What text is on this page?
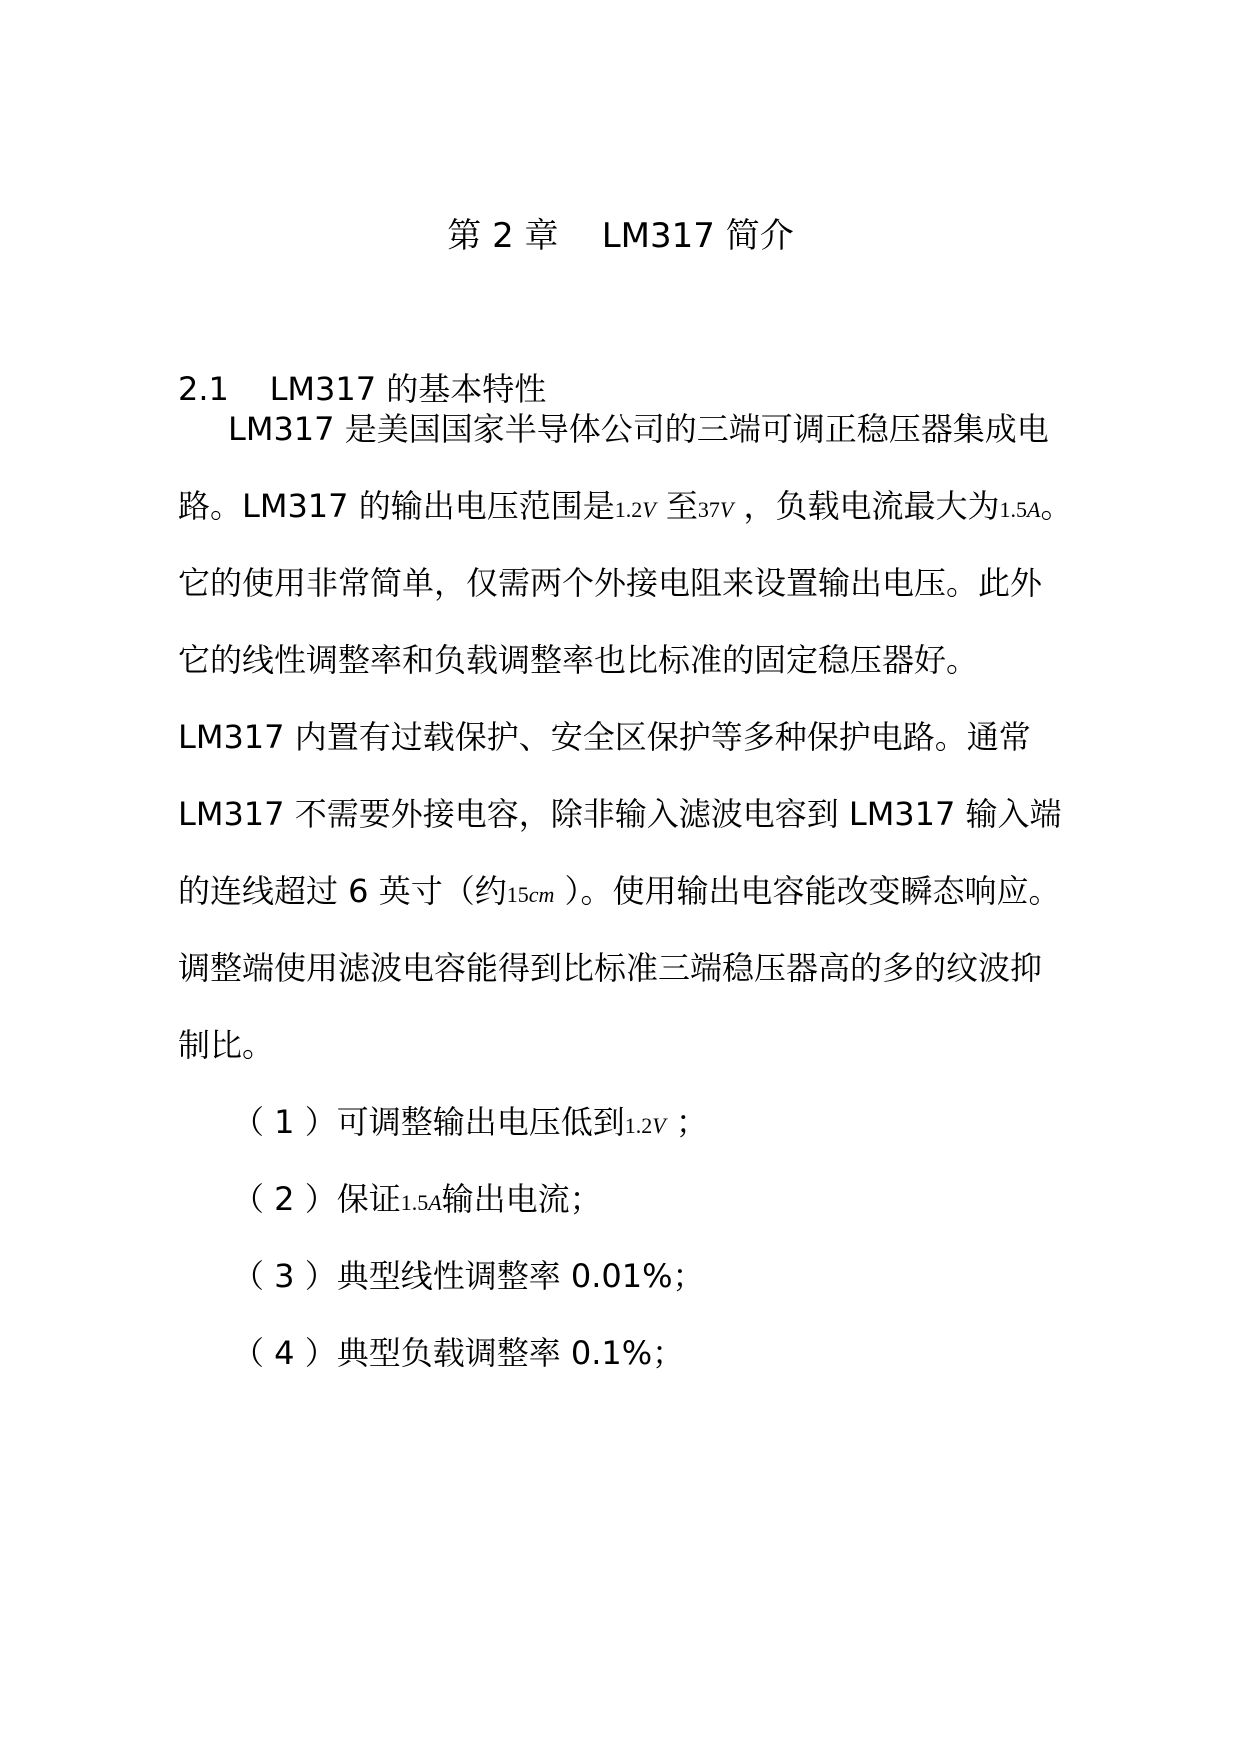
第 2 章    LM317 简介
2.1    LM317 的基本特性
LM317 是美国国家半导体公司的三端可调正稳压器集成电
路。LM317 的输出电压范围是1.2V 至37V ，负载电流最大为1.5A。
它的使用非常简单，仅需两个外接电阻来设置输出电压。此外
它的线性调整率和负载调整率也比标准的固定稳压器好。
LM317 内置有过载保护、安全区保护等多种保护电路。通常
LM317 不需要外接电容，除非输入滤波电容到 LM317 输入端
的连线超过 6 英寸（约15cm ）。使用输出电容能改变瞬态响应。
调整端使用滤波电容能得到比标准三端稳压器高的多的纹波抑
制比。
（ 1 ）可调整输出电压低到1.2V ；
（ 2 ）保证1.5A输出电流；
（ 3 ）典型线性调整率 0.01%；
（ 4 ）典型负载调整率 0.1%；
